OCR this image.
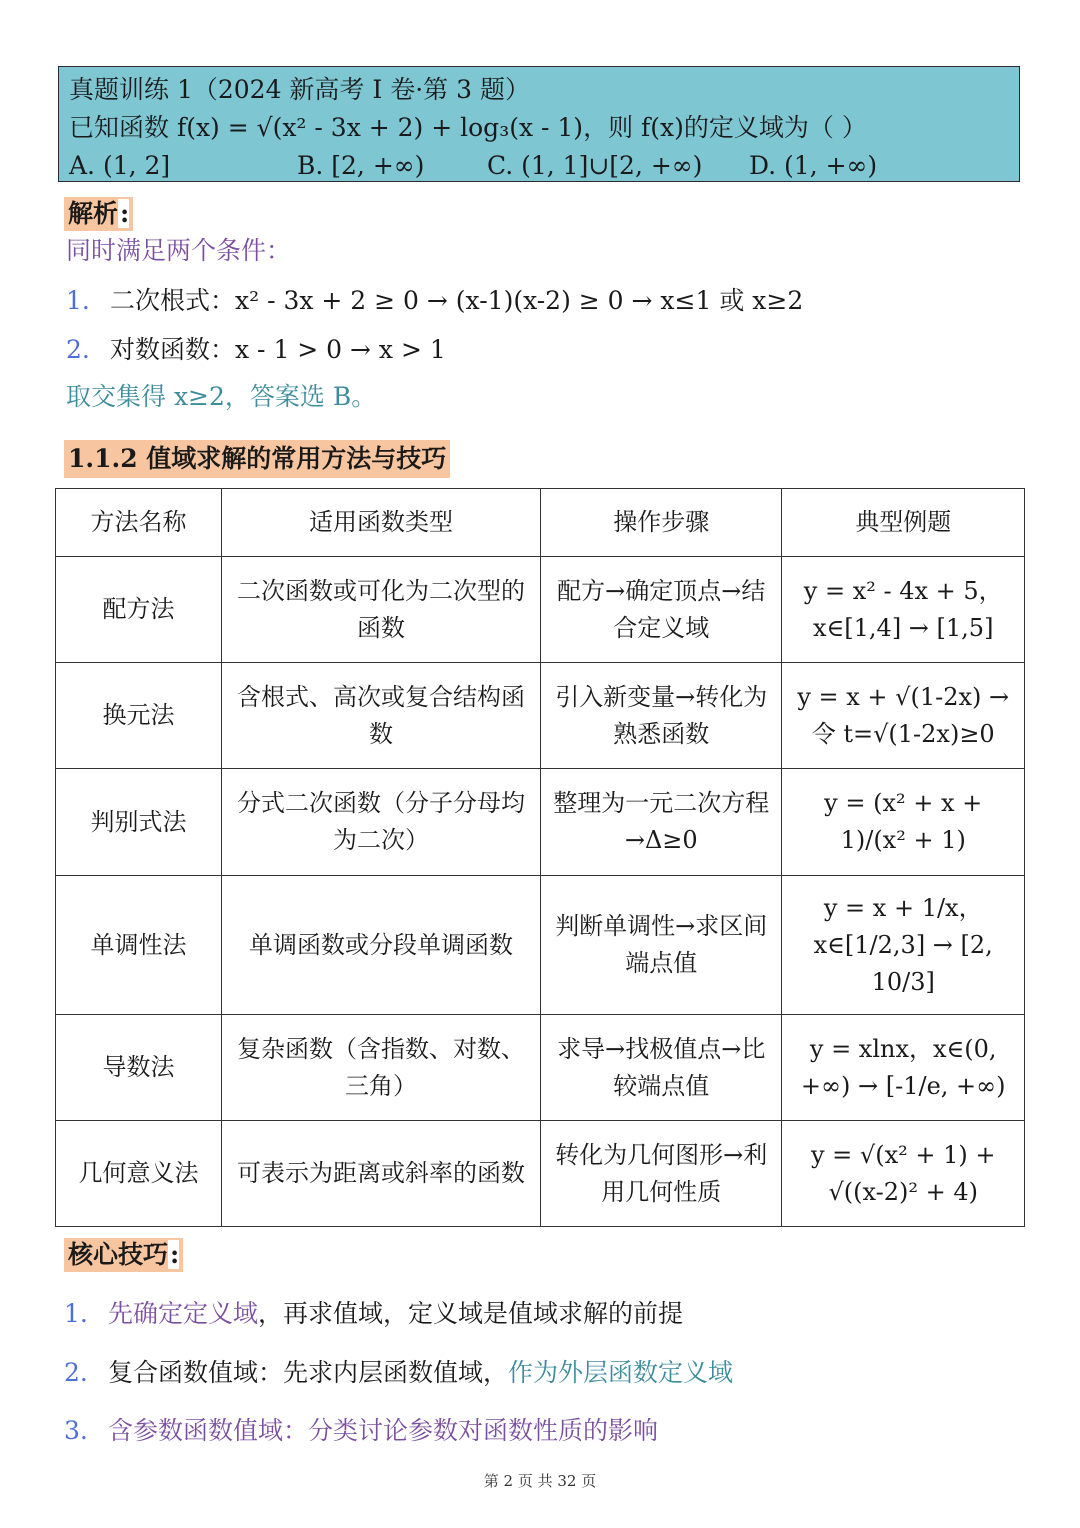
真题训练 1（2024 新高考 I 卷·第 3 题）
已知函数 f(x) = √(x² - 3x + 2) + log₃(x - 1)，则 f(x)的定义域为（ ）
A. (1, 2]	B. [2, +∞)	C. (1, 1]∪[2, +∞)	D. (1, +∞)
解析:
同时满足两个条件：
1. 二次根式：x² - 3x + 2 ≥ 0 → (x-1)(x-2) ≥ 0 → x≤1 或 x≥2
2. 对数函数：x - 1 > 0 → x > 1
取交集得 x≥2，答案选 B。
1.1.2 值域求解的常用方法与技巧
方法名称	适用函数类型	操作步骤	典型例题
配方法	二次函数或可化为二次型的函数	配方→确定顶点→结合定义域	y = x² - 4x + 5，x∈[1,4] → [1,5]
换元法	含根式、高次或复合结构函数	引入新变量→转化为熟悉函数	y = x + √(1-2x) → 令 t=√(1-2x)≥0
判别式法	分式二次函数（分子分母均为二次）	整理为一元二次方程→Δ≥0	y = (x² + x + 1)/(x² + 1)
单调性法	单调函数或分段单调函数	判断单调性→求区间端点值	y = x + 1/x，x∈[1/2,3] → [2, 10/3]
导数法	复杂函数（含指数、对数、三角）	求导→找极值点→比较端点值	y = xlnx，x∈(0, +∞) → [-1/e, +∞)
几何意义法	可表示为距离或斜率的函数	转化为几何图形→利用几何性质	y = √(x² + 1) + √((x-2)² + 4)
核心技巧:
1. 先确定定义域，再求值域，定义域是值域求解的前提
2. 复合函数值域：先求内层函数值域，作为外层函数定义域
3. 含参数函数值域：分类讨论参数对函数性质的影响
第 2 页 共 32 页
